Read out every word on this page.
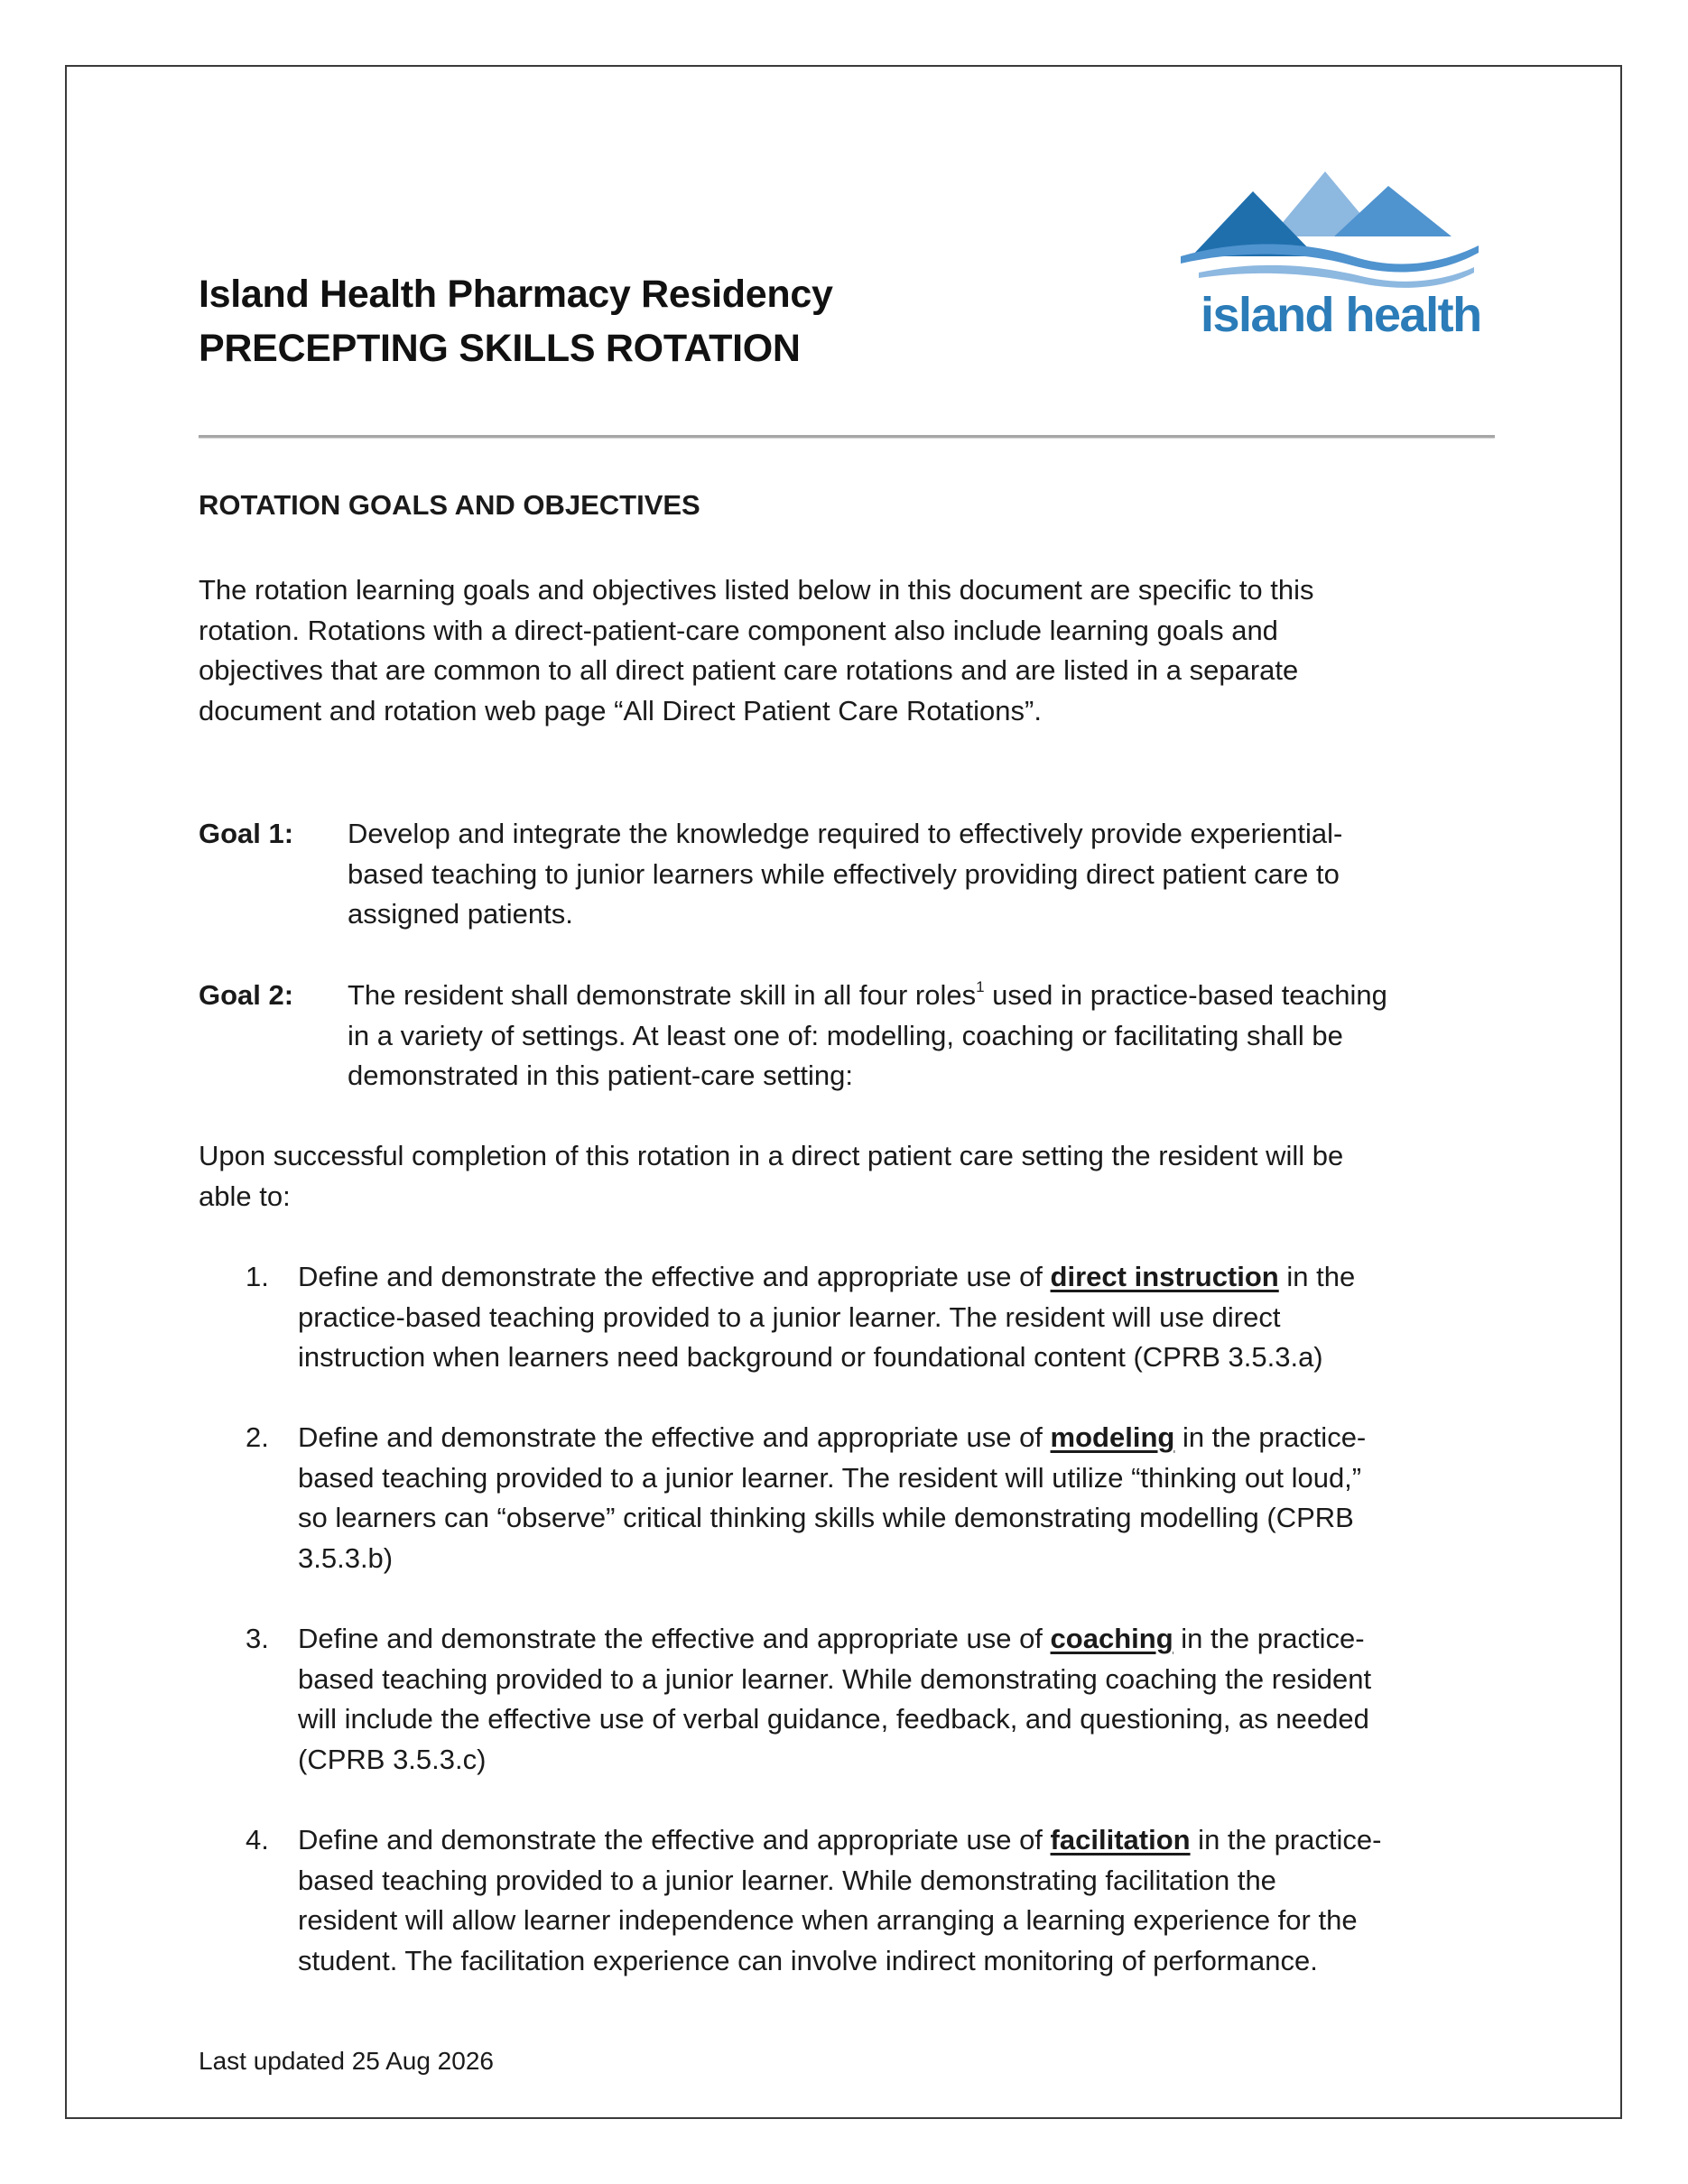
Island Health Pharmacy Residency
PRECEPTING SKILLS ROTATION
island health
ROTATION GOALS AND OBJECTIVES
The rotation learning goals and objectives listed below in this document are specific to this
rotation. Rotations with a direct-patient-care component also include learning goals and
objectives that are common to all direct patient care rotations and are listed in a separate
document and rotation web page “All Direct Patient Care Rotations”.
Goal 1: Develop and integrate the knowledge required to effectively provide experiential-
based teaching to junior learners while effectively providing direct patient care to
assigned patients.
Goal 2: The resident shall demonstrate skill in all four roles$^1$ used in practice-based teaching
in a variety of settings. At least one of: modelling, coaching or facilitating shall be
demonstrated in this patient-care setting:
Upon successful completion of this rotation in a direct patient care setting the resident will be
able to:
1. Define and demonstrate the effective and appropriate use of direct instruction in the
practice-based teaching provided to a junior learner. The resident will use direct
instruction when learners need background or foundational content (CPRB 3.5.3.a)
2. Define and demonstrate the effective and appropriate use of modeling in the practice-
based teaching provided to a junior learner. The resident will utilize “thinking out loud,”
so learners can “observe” critical thinking skills while demonstrating modelling (CPRB
3.5.3.b)
3. Define and demonstrate the effective and appropriate use of coaching in the practice-
based teaching provided to a junior learner. While demonstrating coaching the resident
will include the effective use of verbal guidance, feedback, and questioning, as needed
(CPRB 3.5.3.c)
4. Define and demonstrate the effective and appropriate use of facilitation in the practice-
based teaching provided to a junior learner. While demonstrating facilitation the
resident will allow learner independence when arranging a learning experience for the
student. The facilitation experience can involve indirect monitoring of performance.
Last updated 25 Aug 2026
